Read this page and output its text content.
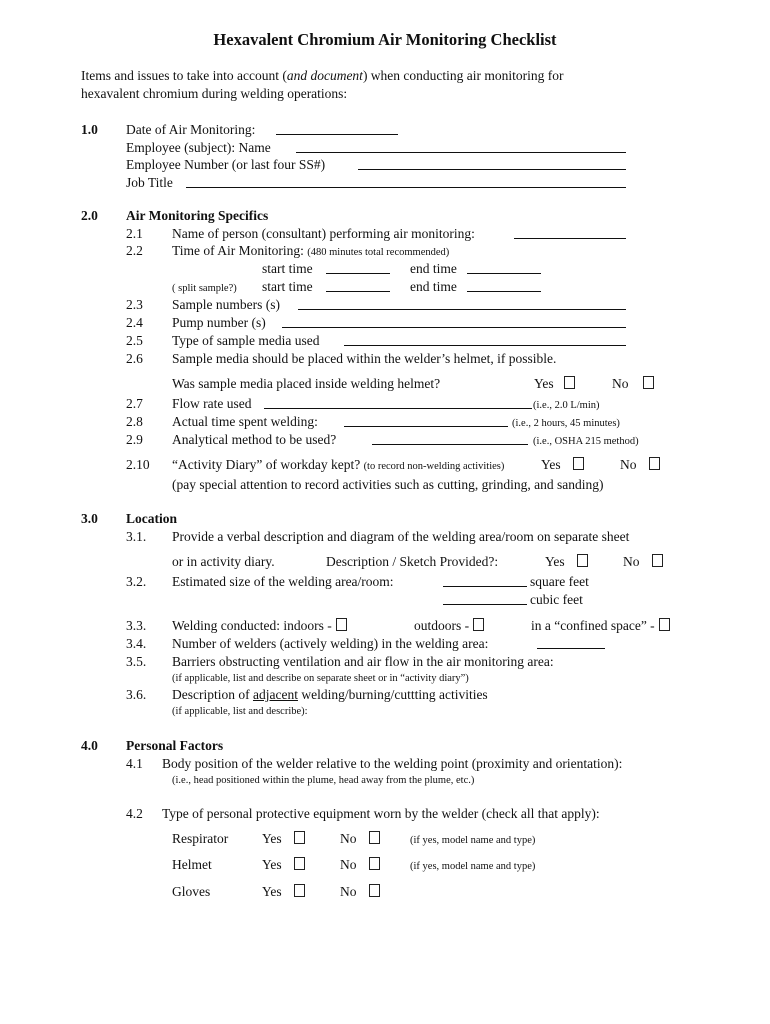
Hexavalent Chromium Air Monitoring Checklist
Items and issues to take into account (and document) when conducting air monitoring for
hexavalent chromium during welding operations:
1.0 Date of Air Monitoring:
Employee (subject): Name
Employee Number (or last four SS#)
Job Title
2.0 Air Monitoring Specifics
2.1 Name of person (consultant) performing air monitoring:
2.2 Time of Air Monitoring: (480 minutes total recommended)
start time	end time
( split sample?) start time	end time
2.3 Sample numbers (s)
2.4 Pump number (s)
2.5 Type of sample media used
2.6 Sample media should be placed within the welder’s helmet, if possible.
Was sample media placed inside welding helmet?	Yes	No
2.7 Flow rate used	(i.e., 2.0 L/min)
2.8 Actual time spent welding:	(i.e., 2 hours, 45 minutes)
2.9 Analytical method to be used?	(i.e., OSHA 215 method)
2.10 “Activity Diary” of workday kept? (to record non-welding activities)	Yes	No
(pay special attention to record activities such as cutting, grinding, and sanding)
3.0 Location
3.1. Provide a verbal description and diagram of the welding area/room on separate sheet
or in activity diary.	Description / Sketch Provided?:	Yes	No
3.2. Estimated size of the welding area/room:	square feet
cubic feet
3.3. Welding conducted: indoors -	outdoors -	in a “confined space” -
3.4. Number of welders (actively welding) in the welding area:
3.5. Barriers obstructing ventilation and air flow in the air monitoring area:
(if applicable, list and describe on separate sheet or in “activity diary”)
3.6. Description of adjacent welding/burning/cuttting activities
(if applicable, list and describe):
4.0 Personal Factors
4.1 Body position of the welder relative to the welding point (proximity and orientation):
(i.e., head positioned within the plume, head away from the plume, etc.)
4.2 Type of personal protective equipment worn by the welder (check all that apply):
Respirator	Yes	No	(if yes, model name and type)
Helmet	Yes	No	(if yes, model name and type)
Gloves	Yes	No
